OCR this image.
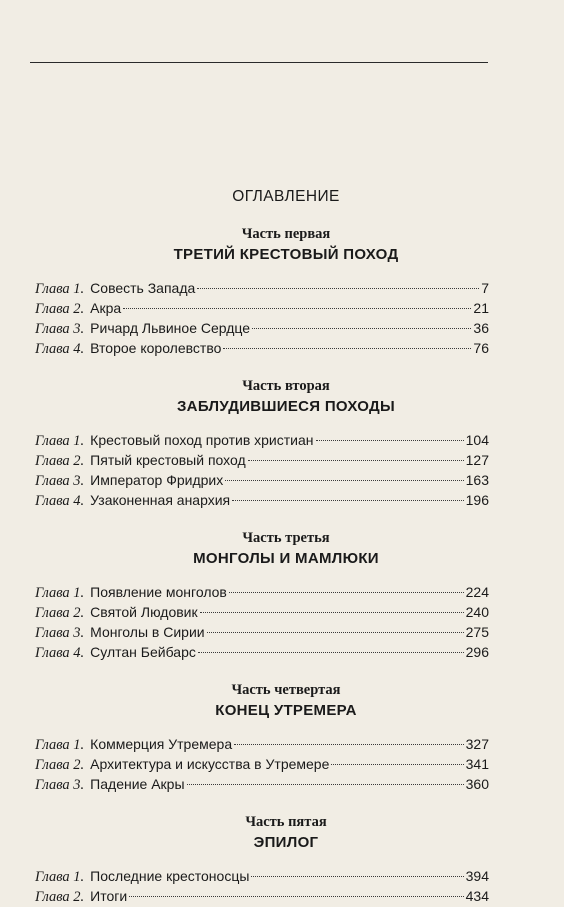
ОГЛАВЛЕНИЕ
Часть первая
ТРЕТИЙ КРЕСТОВЫЙ ПОХОД
Глава 1. Совесть Запада	7
Глава 2. Акра	21
Глава 3. Ричард Львиное Сердце	36
Глава 4. Второе королевство	76
Часть вторая
ЗАБЛУДИВШИЕСЯ ПОХОДЫ
Глава 1. Крестовый поход против христиан	104
Глава 2. Пятый крестовый поход	127
Глава 3. Император Фридрих	163
Глава 4. Узаконенная анархия	196
Часть третья
МОНГОЛЫ И МАМЛЮКИ
Глава 1. Появление монголов	224
Глава 2. Святой Людовик	240
Глава 3. Монголы в Сирии	275
Глава 4. Султан Бейбарс	296
Часть четвертая
КОНЕЦ УТРЕМЕРА
Глава 1. Коммерция Утремера	327
Глава 2. Архитектура и искусства в Утремере	341
Глава 3. Падение Акры	360
Часть пятая
ЭПИЛОГ
Глава 1. Последние крестоносцы	394
Глава 2. Итоги	434
